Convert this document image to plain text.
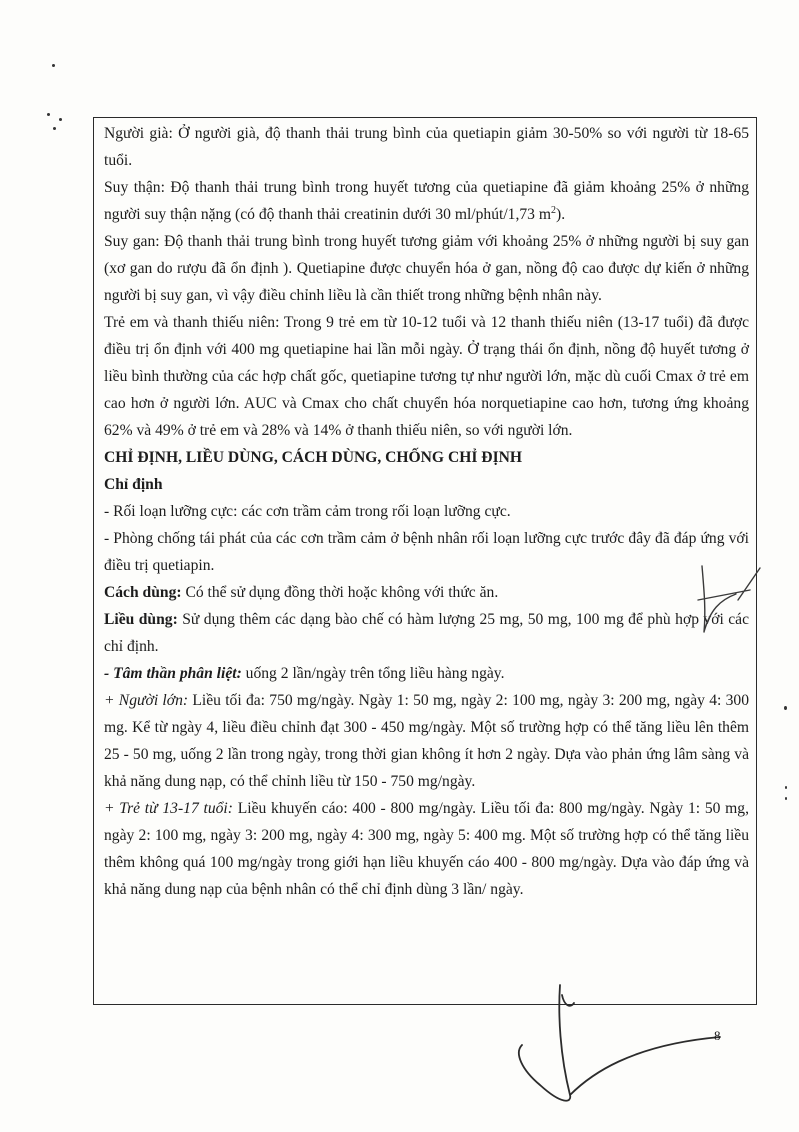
Người già: Ở người già, độ thanh thải trung bình của quetiapin giảm 30-50% so với người từ 18-65 tuổi.

Suy thận: Độ thanh thải trung bình trong huyết tương của quetiapine đã giảm khoảng 25% ở những người suy thận nặng (có độ thanh thải creatinin dưới 30 ml/phút/1,73 $m^2$).

Suy gan: Độ thanh thải trung bình trong huyết tương giảm với khoảng 25% ở những người bị suy gan (xơ gan do rượu đã ổn định ). Quetiapine được chuyển hóa ở gan, nồng độ cao được dự kiến ở những người bị suy gan, vì vậy điều chỉnh liều là cần thiết trong những bệnh nhân này.

Trẻ em và thanh thiếu niên: Trong 9 trẻ em từ 10-12 tuổi và 12 thanh thiếu niên (13-17 tuổi) đã được điều trị ổn định với 400 mg quetiapine hai lần mỗi ngày. Ở trạng thái ổn định, nồng độ huyết tương ở liều bình thường của các hợp chất gốc, quetiapine tương tự như người lớn, mặc dù cuối Cmax ở trẻ em cao hơn ở người lớn. AUC và Cmax cho chất chuyển hóa norquetiapine cao hơn, tương ứng khoảng 62% và 49% ở trẻ em và 28% và 14% ở thanh thiếu niên, so với người lớn.

CHỈ ĐỊNH, LIỀU DÙNG, CÁCH DÙNG, CHỐNG CHỈ ĐỊNH

Chỉ định

- Rối loạn lưỡng cực: các cơn trầm cảm trong rối loạn lưỡng cực.

- Phòng chống tái phát của các cơn trầm cảm ở bệnh nhân rối loạn lưỡng cực trước đây đã đáp ứng với điều trị quetiapin.

Cách dùng: Có thể sử dụng đồng thời hoặc không với thức ăn.

Liều dùng: Sử dụng thêm các dạng bào chế có hàm lượng 25 mg, 50 mg, 100 mg để phù hợp với các chỉ định.

- Tâm thần phân liệt: uống 2 lần/ngày trên tổng liều hàng ngày.

+ Người lớn: Liều tối đa: 750 mg/ngày. Ngày 1: 50 mg, ngày 2: 100 mg, ngày 3: 200 mg, ngày 4: 300 mg. Kể từ ngày 4, liều điều chỉnh đạt 300 - 450 mg/ngày. Một số trường hợp có thể tăng liều lên thêm 25 - 50 mg, uống 2 lần trong ngày, trong thời gian không ít hơn 2 ngày. Dựa vào phản ứng lâm sàng và khả năng dung nạp, có thể chỉnh liều từ 150 - 750 mg/ngày.

+ Trẻ từ 13-17 tuổi: Liều khuyến cáo: 400 - 800 mg/ngày. Liều tối đa: 800 mg/ngày. Ngày 1: 50 mg, ngày 2: 100 mg, ngày 3: 200 mg, ngày 4: 300 mg, ngày 5: 400 mg. Một số trường hợp có thể tăng liều thêm không quá 100 mg/ngày trong giới hạn liều khuyến cáo 400 - 800 mg/ngày. Dựa vào đáp ứng và khả năng dung nạp của bệnh nhân có thể chỉ định dùng 3 lần/ ngày.

8
